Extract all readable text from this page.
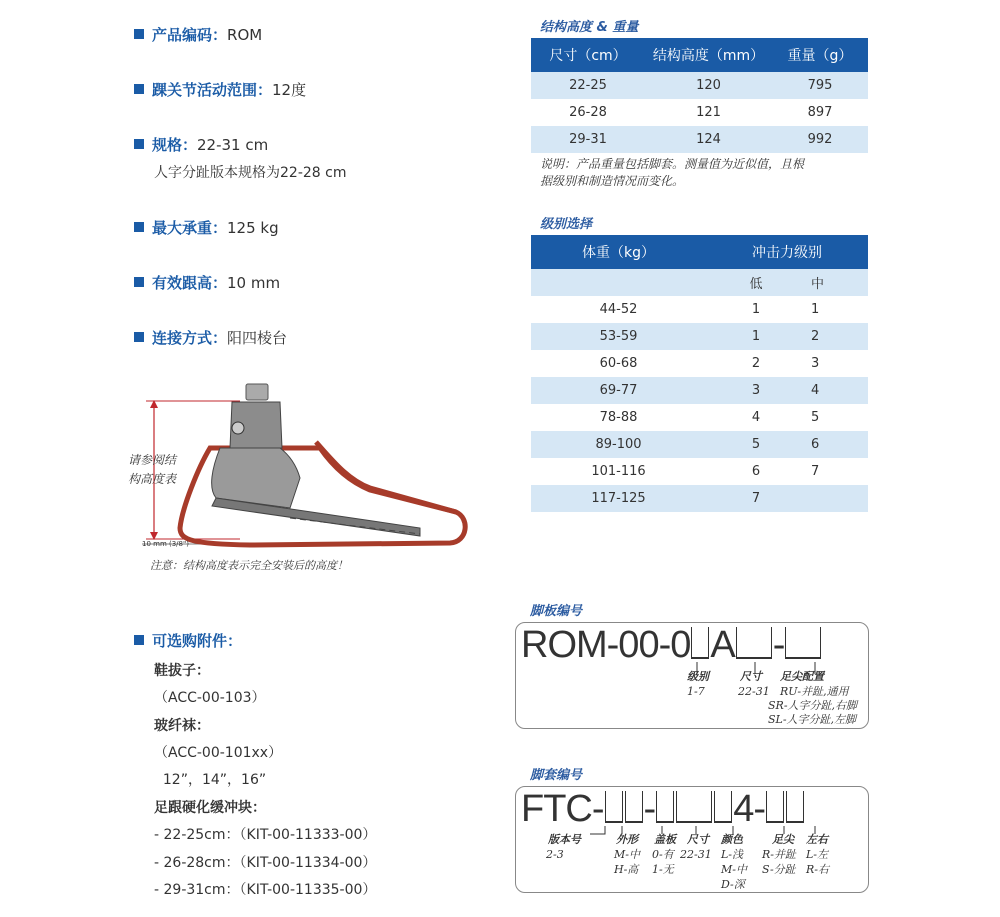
产品编码：ROM
踝关节活动范围：12度
规格：22-31 cm
人字分趾版本规格为22-28 cm
最大承重：125 kg
有效跟高：10 mm
连接方式：阳四棱台
请参阅结
构高度表
10 mm (3/8")
注意：结构高度表示完全安装后的高度！
结构高度 & 重量
尺寸（cm）	结构高度（mm）	重量（g）
22-25	120	795
26-28	121	897
29-31	124	992
说明：产品重量包括脚套。测量值为近似值，且根
据级别和制造情况而变化。
级别选择
体重（kg）	冲击力级别	
	低	中
44-52	1	1
53-59	1	2
60-68	2	3
69-77	3	4
78-88	4	5
89-100	5	6
101-116	6	7
117-125	7	
可选购附件：
鞋拔子：
（ACC-00-103）
玻纤袜：
（ACC-00-101xx）
12”，14”，16”
足跟硬化缓冲块：
- 22-25cm：（KIT-00-11333-00）
- 26-28cm：（KIT-00-11334-00）
- 29-31cm：（KIT-00-11335-00）
脚板编号
ROM-00-0 A -
级别
1-7
尺寸
22-31
足尖配置
RU-并趾,通用
SR-人字分趾,右脚
SL-人字分趾,左脚
脚套编号
FTC- - 4-
版本号
2-3
外形
M-中
H-高
盖板
0-有
1-无
尺寸
22-31
颜色
L-浅
M-中
D-深
足尖
R-并趾
S-分趾
左右
L-左
R-右
